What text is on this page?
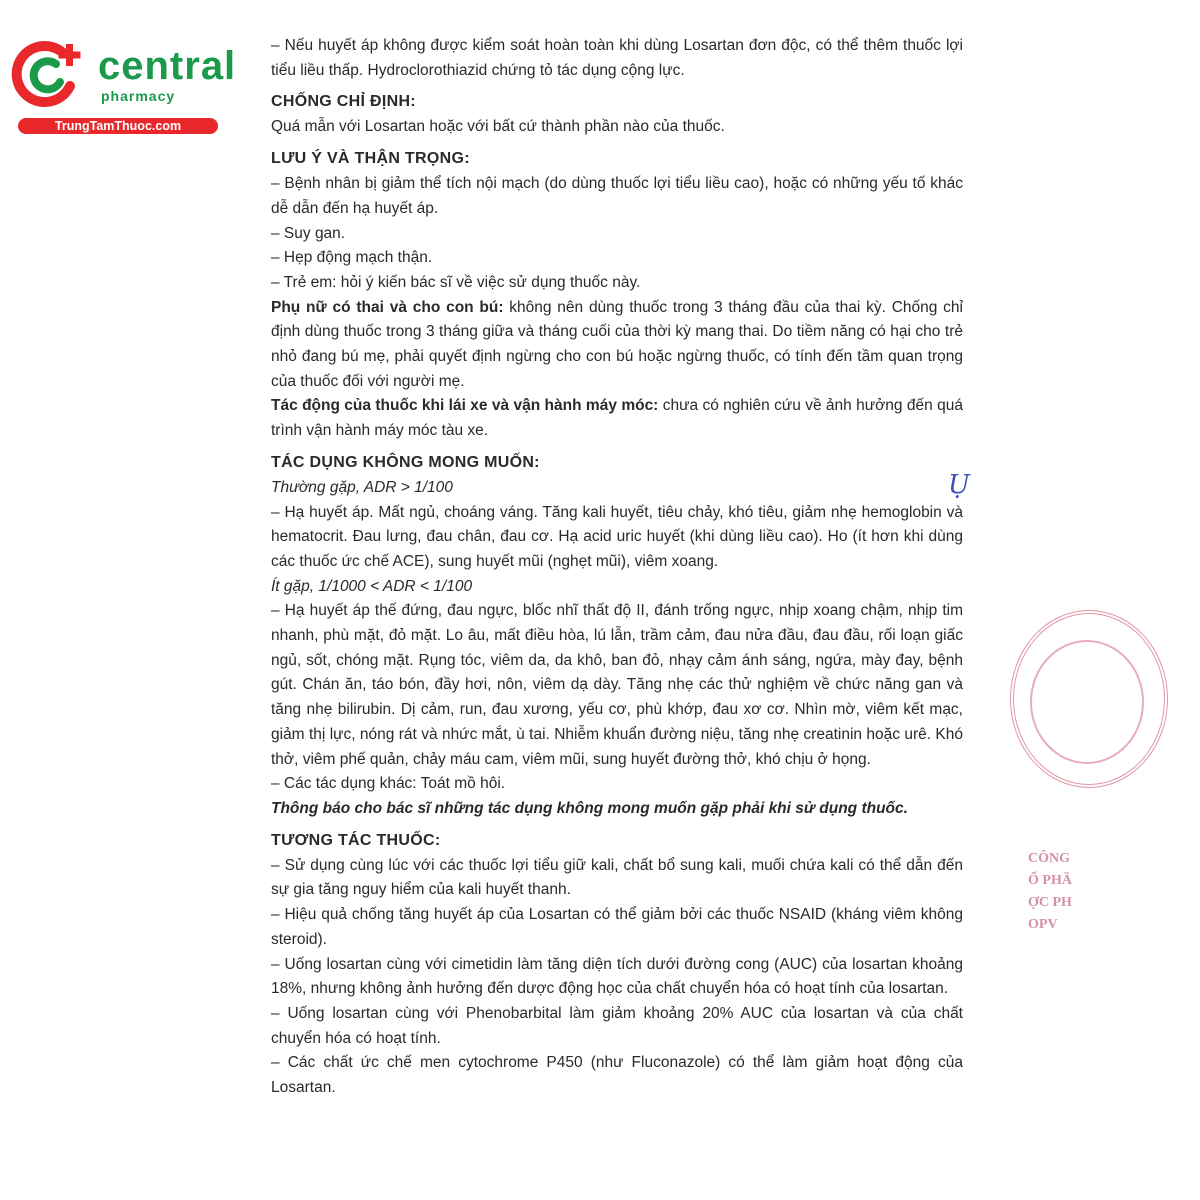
central
pharmacy
TrungTamThuoc.com

– Nếu huyết áp không được kiểm soát hoàn toàn khi dùng Losartan đơn độc, có thể thêm thuốc lợi tiểu liều thấp. Hydroclorothiazid chứng tỏ tác dụng cộng lực.

CHỐNG CHỈ ĐỊNH:

Quá mẫn với Losartan hoặc với bất cứ thành phần nào của thuốc.

LƯU Ý VÀ THẬN TRỌNG:

– Bệnh nhân bị giảm thể tích nội mạch (do dùng thuốc lợi tiểu liều cao), hoặc có những yếu tố khác dễ dẫn đến hạ huyết áp.

– Suy gan.

– Hẹp động mạch thận.

– Trẻ em: hỏi ý kiến bác sĩ về việc sử dụng thuốc này.

Phụ nữ có thai và cho con bú: không nên dùng thuốc trong 3 tháng đầu của thai kỳ. Chống chỉ định dùng thuốc trong 3 tháng giữa và tháng cuối của thời kỳ mang thai. Do tiềm năng có hại cho trẻ nhỏ đang bú mẹ, phải quyết định ngừng cho con bú hoặc ngừng thuốc, có tính đến tầm quan trọng của thuốc đối với người mẹ.

Tác động của thuốc khi lái xe và vận hành máy móc: chưa có nghiên cứu về ảnh hưởng đến quá trình vận hành máy móc tàu xe.

TÁC DỤNG KHÔNG MONG MUỐN:

Thường gặp, ADR > 1/100

– Hạ huyết áp. Mất ngủ, choáng váng. Tăng kali huyết, tiêu chảy, khó tiêu, giảm nhẹ hemoglobin và hematocrit. Đau lưng, đau chân, đau cơ. Hạ acid uric huyết (khi dùng liều cao). Ho (ít hơn khi dùng các thuốc ức chế ACE), sung huyết mũi (nghẹt mũi), viêm xoang.

Ít gặp, 1/1000 < ADR < 1/100

– Hạ huyết áp thế đứng, đau ngực, blốc nhĩ thất độ II, đánh trống ngực, nhịp xoang chậm, nhịp tim nhanh, phù mặt, đỏ mặt. Lo âu, mất điều hòa, lú lẫn, trầm cảm, đau nửa đầu, đau đầu, rối loạn giấc ngủ, sốt, chóng mặt. Rụng tóc, viêm da, da khô, ban đỏ, nhạy cảm ánh sáng, ngứa, mày đay, bệnh gút. Chán ăn, táo bón, đầy hơi, nôn, viêm dạ dày. Tăng nhẹ các thử nghiệm về chức năng gan và tăng nhẹ bilirubin. Dị cảm, run, đau xương, yếu cơ, phù khớp, đau xơ cơ. Nhìn mờ, viêm kết mạc, giảm thị lực, nóng rát và nhức mắt, ù tai. Nhiễm khuẩn đường niệu, tăng nhẹ creatinin hoặc urê. Khó thở, viêm phế quản, chảy máu cam, viêm mũi, sung huyết đường thở, khó chịu ở họng.

– Các tác dụng khác: Toát mồ hôi.

Thông báo cho bác sĩ những tác dụng không mong muốn gặp phải khi sử dụng thuốc.

TƯƠNG TÁC THUỐC:

– Sử dụng cùng lúc với các thuốc lợi tiểu giữ kali, chất bổ sung kali, muối chứa kali có thể dẫn đến sự gia tăng nguy hiểm của kali huyết thanh.

– Hiệu quả chống tăng huyết áp của Losartan có thể giảm bởi các thuốc NSAID (kháng viêm không steroid).

– Uống losartan cùng với cimetidin làm tăng diện tích dưới đường cong (AUC) của losartan khoảng 18%, nhưng không ảnh hưởng đến dược động học của chất chuyển hóa có hoạt tính của losartan.

– Uống losartan cùng với Phenobarbital làm giảm khoảng 20% AUC của losartan và của chất chuyển hóa có hoạt tính.

– Các chất ức chế men cytochrome P450 (như Fluconazole) có thể làm giảm hoạt động của Losartan.

Ụ
CÔNG
Ổ PHẦ
ỢC PH
OPV
